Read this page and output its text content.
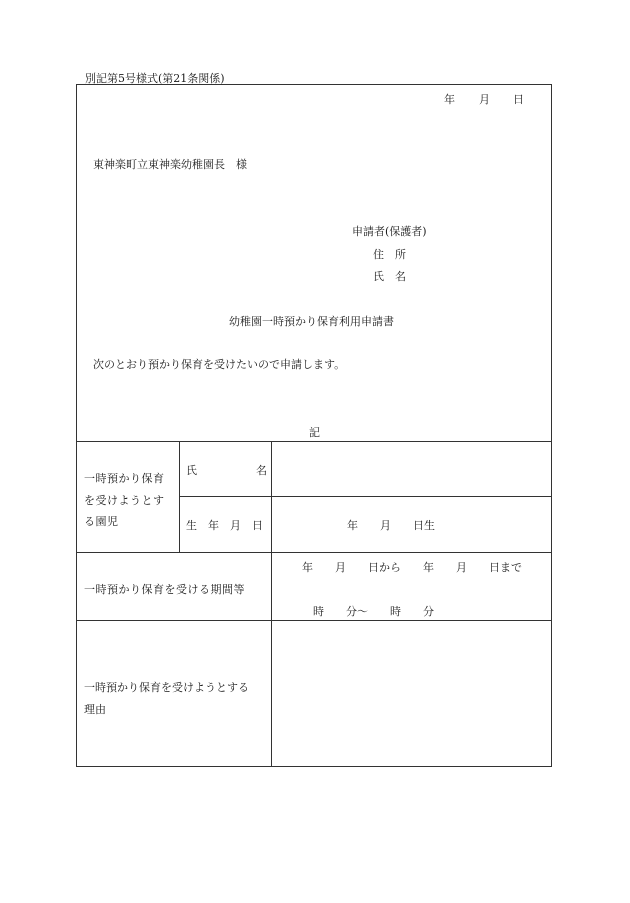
別記第5号様式(第21条関係)
年 月 日
東神楽町立東神楽幼稚園長　様
申請者(保護者)
住　所
氏　名
幼稚園一時預かり保育利用申請書
次のとおり預かり保育を受けたいので申請します。
記
一時預かり保育
を受けようとす
る園児
氏	名
生　年　月　日	年　　月　　日生
一時預かり保育を受ける期間等
年　　月　　日から　　年　　月　　日まで
時　　分～　　時　　分
一時預かり保育を受けようとする
理由
